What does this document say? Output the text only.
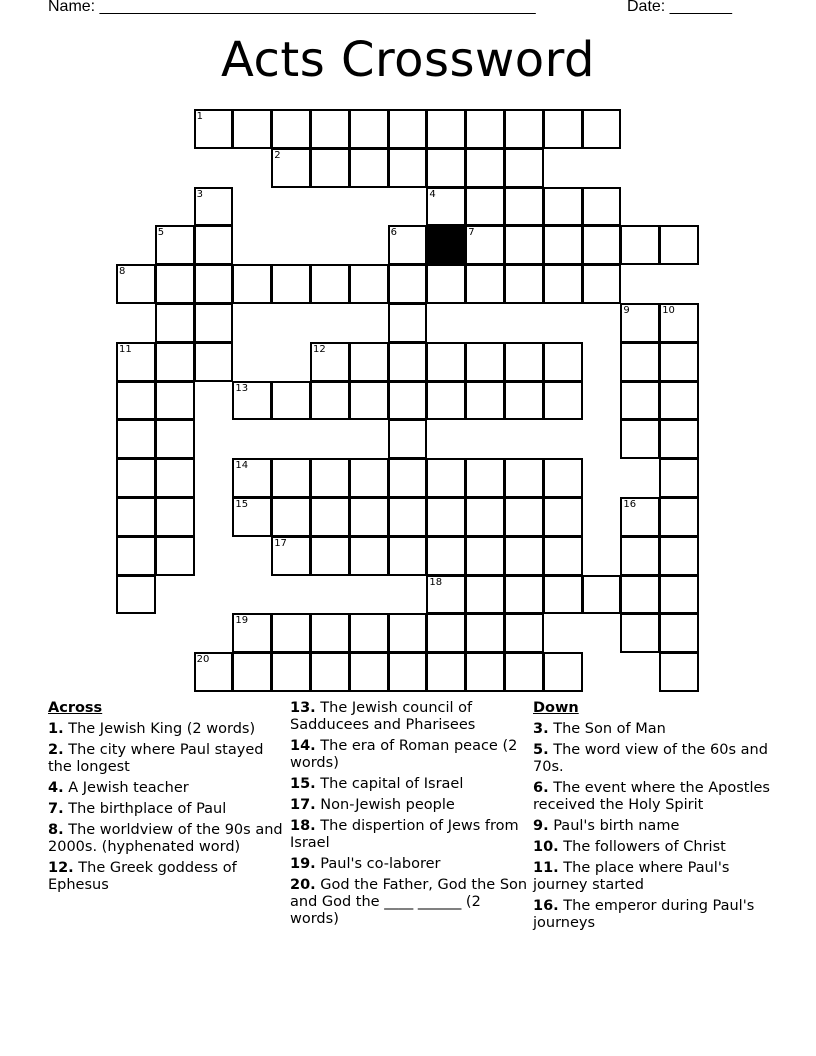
Name: _________________________________________________	Date: _______
Acts Crossword
1
2
3	4
5	6	7
8
9	10
11	12
13
14
15	16
17
18
19
20
Across
1. The Jewish King (2 words)
2. The city where Paul stayed the longest
4. A Jewish teacher
7. The birthplace of Paul
8. The worldview of the 90s and 2000s. (hyphenated word)
12. The Greek goddess of Ephesus
13. The Jewish council of Sadducees and Pharisees
14. The era of Roman peace (2 words)
15. The capital of Israel
17. Non-Jewish people
18. The dispertion of Jews from Israel
19. Paul's co-laborer
20. God the Father, God the Son and God the ____ ______ (2 words)
Down
3. The Son of Man
5. The word view of the 60s and 70s.
6. The event where the Apostles received the Holy Spirit
9. Paul's birth name
10. The followers of Christ
11. The place where Paul's journey started
16. The emperor during Paul's journeys
